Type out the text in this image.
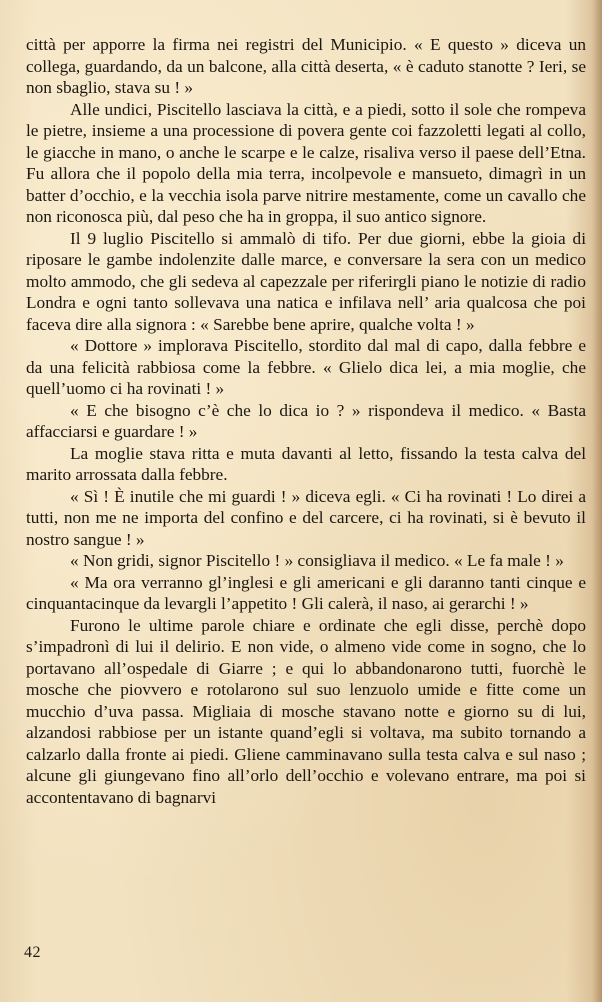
città per apporre la firma nei registri del Municipio. « E questo » diceva un collega, guardando, da un balcone, alla città deserta, « è caduto stanotte ? Ieri, se non sbaglio, stava su ! »

Alle undici, Piscitello lasciava la città, e a piedi, sotto il sole che rompeva le pietre, insieme a una processione di povera gente coi fazzoletti legati al collo, le giacche in mano, o anche le scarpe e le calze, risaliva verso il paese dell’Etna. Fu allora che il popolo della mia terra, incolpevole e mansueto, dimagrì in un batter d’occhio, e la vecchia isola parve nitrire mestamente, come un cavallo che non riconosca più, dal peso che ha in groppa, il suo antico signore.

Il 9 luglio Piscitello si ammalò di tifo. Per due giorni, ebbe la gioia di riposare le gambe indolenzite dalle marce, e conversare la sera con un medico molto ammodo, che gli sedeva al capezzale per riferirgli piano le notizie di radio Londra e ogni tanto sollevava una natica e infilava nell’ aria qualcosa che poi faceva dire alla signora : « Sarebbe bene aprire, qualche volta ! »

« Dottore » implorava Piscitello, stordito dal mal di capo, dalla febbre e da una felicità rabbiosa come la febbre. « Glielo dica lei, a mia moglie, che quell’uomo ci ha rovinati ! »

« E che bisogno c’è che lo dica io ? » rispondeva il medico. « Basta affacciarsi e guardare ! »

La moglie stava ritta e muta davanti al letto, fissando la testa calva del marito arrossata dalla febbre.

« Sì ! È inutile che mi guardi ! » diceva egli. « Ci ha rovinati ! Lo direi a tutti, non me ne importa del confino e del carcere, ci ha rovinati, si è bevuto il nostro sangue ! »

« Non gridi, signor Piscitello ! » consigliava il medico. « Le fa male ! »

« Ma ora verranno gl’inglesi e gli americani e gli daranno tanti cinque e cinquantacinque da levargli l’appetito ! Gli calerà, il naso, ai gerarchi ! »

Furono le ultime parole chiare e ordinate che egli disse, perchè dopo s’impadronì di lui il delirio. E non vide, o almeno vide come in sogno, che lo portavano all’ospedale di Giarre ; e qui lo abbandonarono tutti, fuorchè le mosche che piovvero e rotolarono sul suo lenzuolo umide e fitte come un mucchio d’uva passa. Migliaia di mosche stavano notte e giorno su di lui, alzandosi rabbiose per un istante quand’egli si voltava, ma subito tornando a calzarlo dalla fronte ai piedi. Gliene camminavano sulla testa calva e sul naso ; alcune gli giungevano fino all’orlo dell’occhio e volevano entrare, ma poi si accontentavano di bagnarvi

42
